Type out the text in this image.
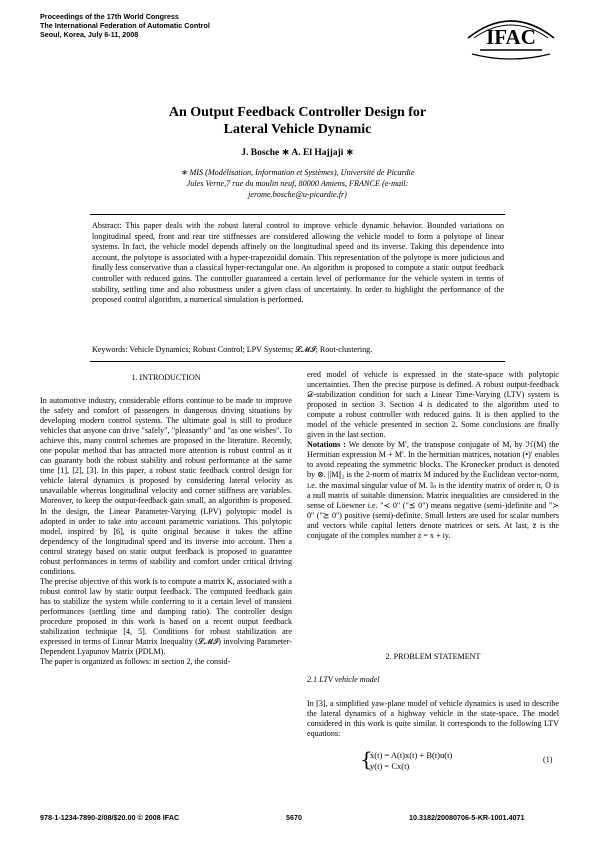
Proceedings of the 17th World Congress
The International Federation of Automatic Control
Seoul, Korea, July 6-11, 2008	IFAC
An Output Feedback Controller Design for
Lateral Vehicle Dynamic
J. Bosche ∗ A. El Hajjaji ∗
∗ MIS (Modélisation, Information et Systèmes), Université de Picardie
Jules Verne,7 rue du moulin neuf, 80000 Amiens, FRANCE (e-mail:
jerome.bosche@u-picardie.fr)
Abstract: This paper deals with the robust lateral control to improve vehicle dynamic behavior. Bounded variations on longitudinal speed, front and rear tire stiffnesses are considered allowing the vehicle model to form a polytope of linear systems. In fact, the vehicle model depends affinely on the longitudinal speed and its inverse. Taking this dependence into account, the polytope is associated with a hyper-trapezoidal domain. This representation of the polytope is more judicious and finally less conservative than a classical hyper-rectangular one. An algorithm is proposed to compute a static output feedback controller with reduced gains. The controller guaranteed a certain level of performance for the vehicle system in terms of stability, settling time and also robustness under a given class of uncertainty. In order to highlight the performance of the proposed control algorithm, a numerical simulation is performed.
Keywords: Vehicle Dynamics; Robust Control; LPV Systems; 𝓛𝓜𝓘; Root-clustering.
1. INTRODUCTION
In automotive industry, considerable efforts continue to be made to improve the safety and comfort of passengers in dangerous driving situations by developing modern control systems. The ultimate goal is still to produce vehicles that anyone can drive "safely", "pleasantly" and "as one wishes". To achieve this, many control schemes are proposed in the literature. Recently, one popular method that has attracted more attention is robust control as it can guaranty both the robust stability and robust performance at the same time [1], [2], [3]. In this paper, a robust static feedback control design for vehicle lateral dynamics is proposed by considering lateral velocity as unavailable whereas longitudinal velocity and corner stiffness are variables. Moreover, to keep the output-feedback gain small, an algorithm is proposed. In the design, the Linear Parameter-Varying (LPV) polytopic model is adopted in order to take into account parametric variations. This polytopic model, inspired by [6], is quite original because it takes the affine dependency of the longitudinal speed and its inverse into account. Then a control strategy based on static output feedback is proposed to guarantee robust performances in terms of stability and comfort under critical driving conditions.
The precise objective of this work is to compute a matrix K, associated with a robust control law by static output feedback. The computed feedback gain has to stabilize the system while conferring to it a certain level of transient performances (settling time and damping ratio). The controller design procedure proposed in this work is based on a recent output feedback stabilization technique [4, 5]. Conditions for robust stabilization are expressed in terms of Linear Matrix Inequality (𝓛𝓜𝓘) involving Parameter-Dependent Lyapunov Matrix (PDLM).
The paper is organized as follows: in section 2, the consid-
ered model of vehicle is expressed in the state-space with polytopic uncertainties. Then the precise purpose is defined. A robust output-feedback 𝒟-stabilization condition for such a Linear Time-Varying (LTV) system is proposed in section 3. Section 4 is dedicated to the algorithm used to compute a robust controller with reduced gains. It is then applied to the model of the vehicle presented in section 2. Some conclusions are finally given in the last section.
Notations : We denote by M′, the transpose conjugate of M, by ℋ(M) the Hermitian expression M + M′. In the hermitian matrices, notation (•)′ enables to avoid repeating the symmetric blocks. The Kronecker product is denoted by ⊗. ||M||₂ is the 2-norm of matrix M induced by the Euclidean vector-norm, i.e. the maximal singular value of M. 𝕀ₙ is the identity matrix of order n, 𝕆 is a null matrix of suitable dimension. Matrix inequalities are considered in the sense of Löewner i.e. "≺ 0" ("⪯ 0") means negative (semi-)definite and "≻ 0" ("⪰ 0") positive (semi)-definite. Small letters are used for scalar numbers and vectors while capital letters denote matrices or sets. At last, z̄ is the conjugate of the complex number z = x + iy.
2. PROBLEM STATEMENT
2.1 LTV vehicle model
In [3], a simplified yaw-plane model of vehicle dynamics is used to describe the lateral dynamics of a highway vehicle in the state-space. The model considered in this work is quite similar. It corresponds to the following LTV equations:
{
ẋ(t) = A(t)x(t) + B(t)u(t)
y(t) = Cx(t)
(1)
978-1-1234-7890-2/08/$20.00 © 2008 IFAC	5670	10.3182/20080706-5-KR-1001.4071
